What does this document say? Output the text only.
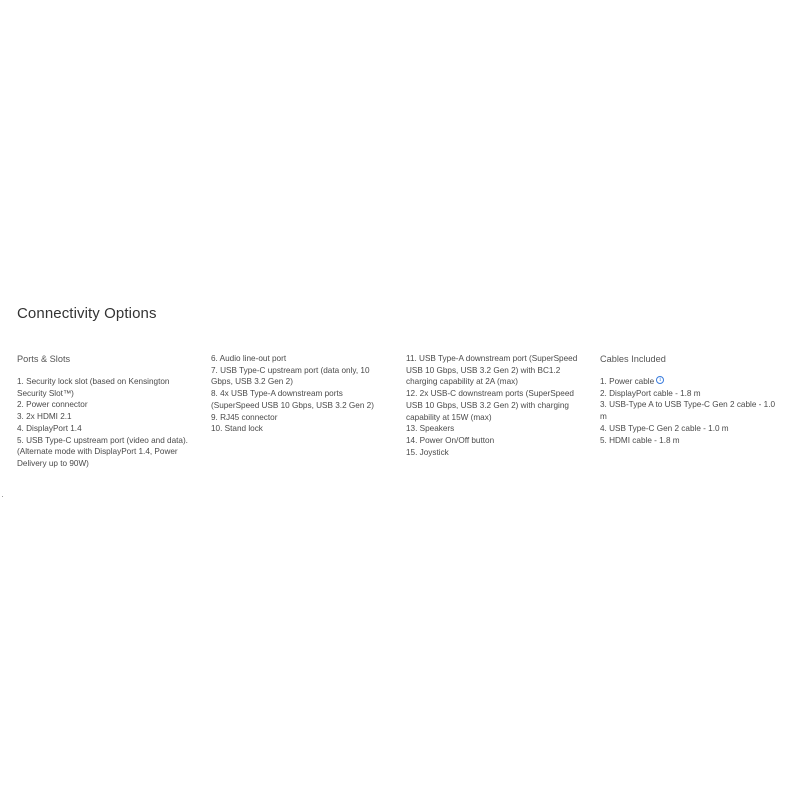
Connectivity Options
Ports & Slots
1. Security lock slot (based on Kensington Security Slot™)
2. Power connector
3. 2x HDMI 2.1
4. DisplayPort 1.4
5. USB Type-C upstream port (video and data). (Alternate mode with DisplayPort 1.4, Power Delivery up to 90W)
6. Audio line-out port
7. USB Type-C upstream port (data only, 10 Gbps, USB 3.2 Gen 2)
8. 4x USB Type-A downstream ports (SuperSpeed USB 10 Gbps, USB 3.2 Gen 2)
9. RJ45 connector
10. Stand lock
11. USB Type-A downstream port (SuperSpeed USB 10 Gbps, USB 3.2 Gen 2) with BC1.2 charging capability at 2A (max)
12. 2x USB-C downstream ports (SuperSpeed USB 10 Gbps, USB 3.2 Gen 2) with charging capability at 15W (max)
13. Speakers
14. Power On/Off button
15. Joystick
Cables Included
1. Power cable i
2. DisplayPort cable - 1.8 m
3. USB-Type A to USB Type-C Gen 2 cable - 1.0 m
4. USB Type-C Gen 2 cable - 1.0 m
5. HDMI cable - 1.8 m
